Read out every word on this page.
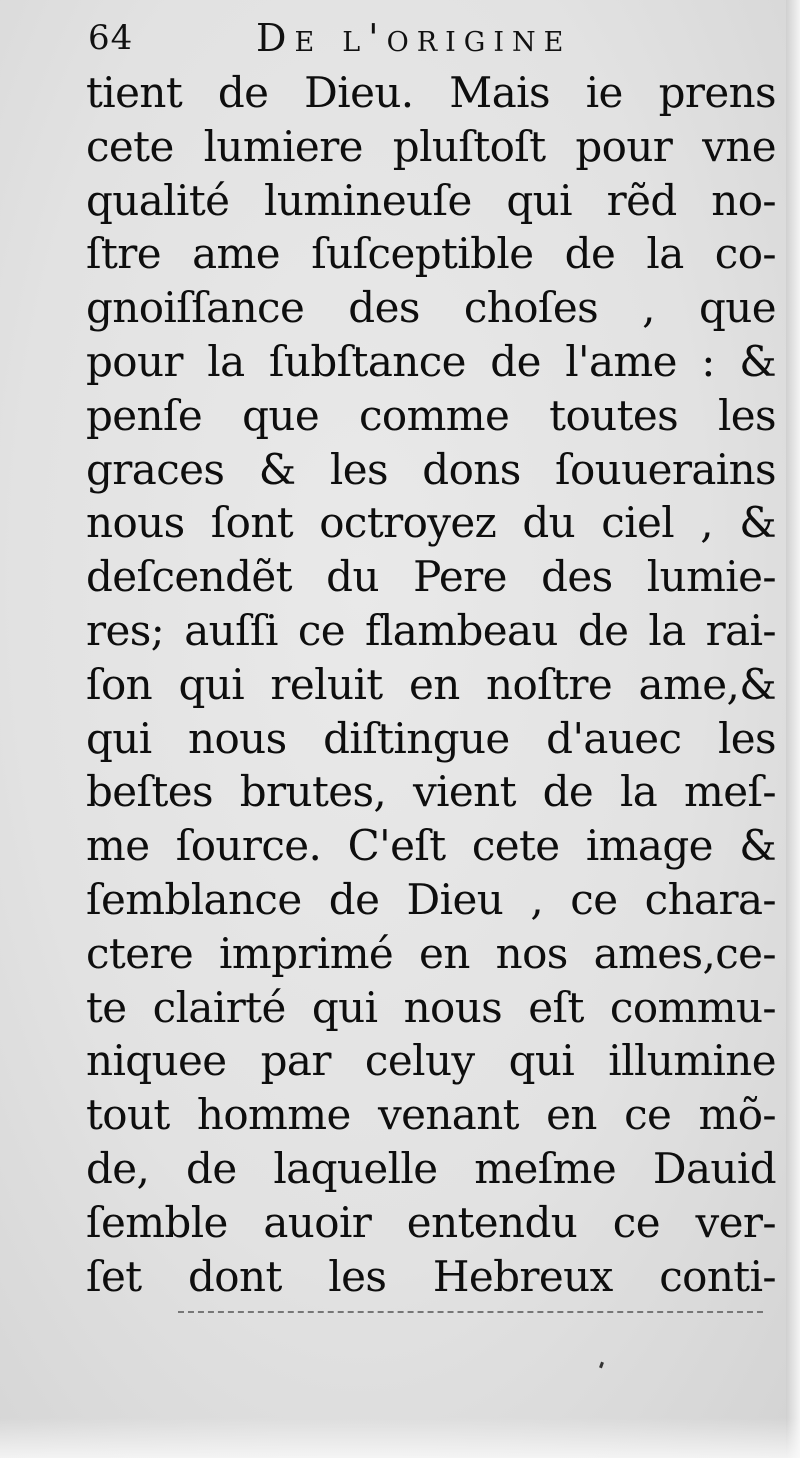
64	De l'origine
tient de Dieu. Mais ie prens
cete lumiere pluſtoſt pour vne
qualité lumineuſe qui rẽd no-
ſtre ame ſuſceptible de la co-
gnoiſſance des choſes , que
pour la ſubſtance de l'ame : &
penſe que comme toutes les
graces & les dons ſouuerains
nous ſont octroyez du ciel , &
deſcendẽt du Pere des lumie-
res; auſſi ce flambeau de la rai-
ſon qui reluit en noſtre ame,&
qui nous diſtingue d'auec les
beſtes brutes, vient de la meſ-
me ſource. C'eſt cete image &
ſemblance de Dieu , ce chara-
ctere imprimé en nos ames,ce-
te clairté qui nous eſt commu-
niquee par celuy qui illumine
tout homme venant en ce mõ-
de, de laquelle meſme Dauid
ſemble auoir entendu ce ver-
ſet dont les Hebreux conti-
